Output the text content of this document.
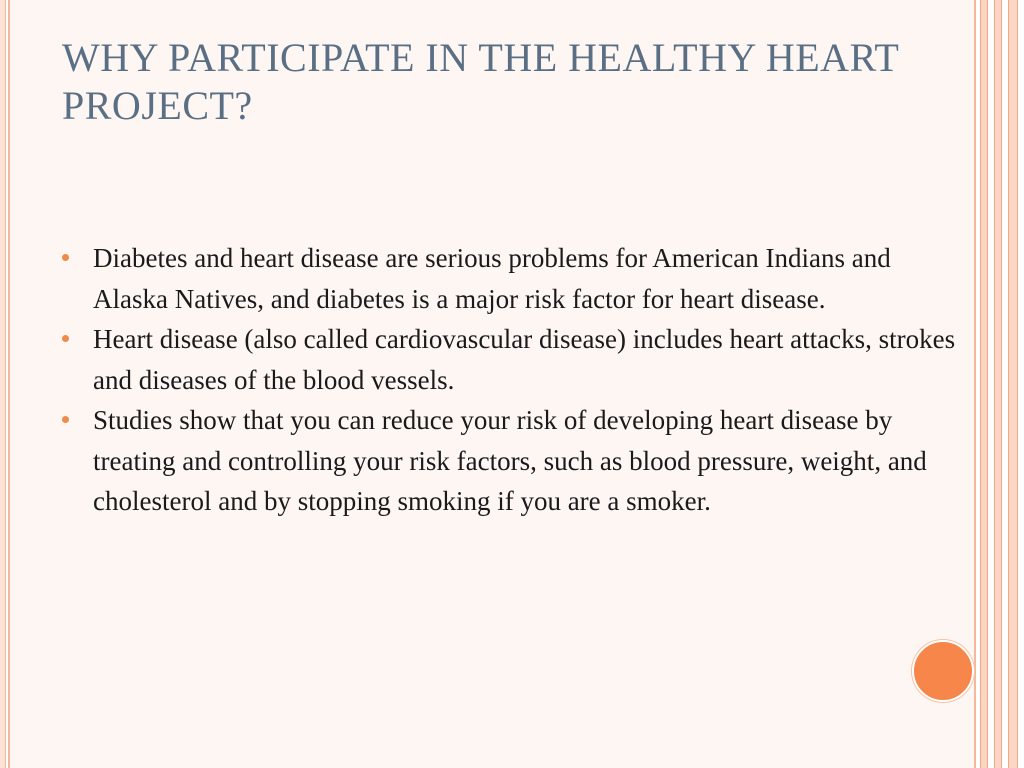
WHY PARTICIPATE IN THE HEALTHY HEART PROJECT?
Diabetes and heart disease are serious problems for American Indians and Alaska Natives, and diabetes is a major risk factor for heart disease.
Heart disease (also called cardiovascular disease) includes heart attacks, strokes and diseases of the blood vessels.
Studies show that you can reduce your risk of developing heart disease by treating and controlling your risk factors, such as blood pressure, weight, and cholesterol and by stopping smoking if you are a smoker.
